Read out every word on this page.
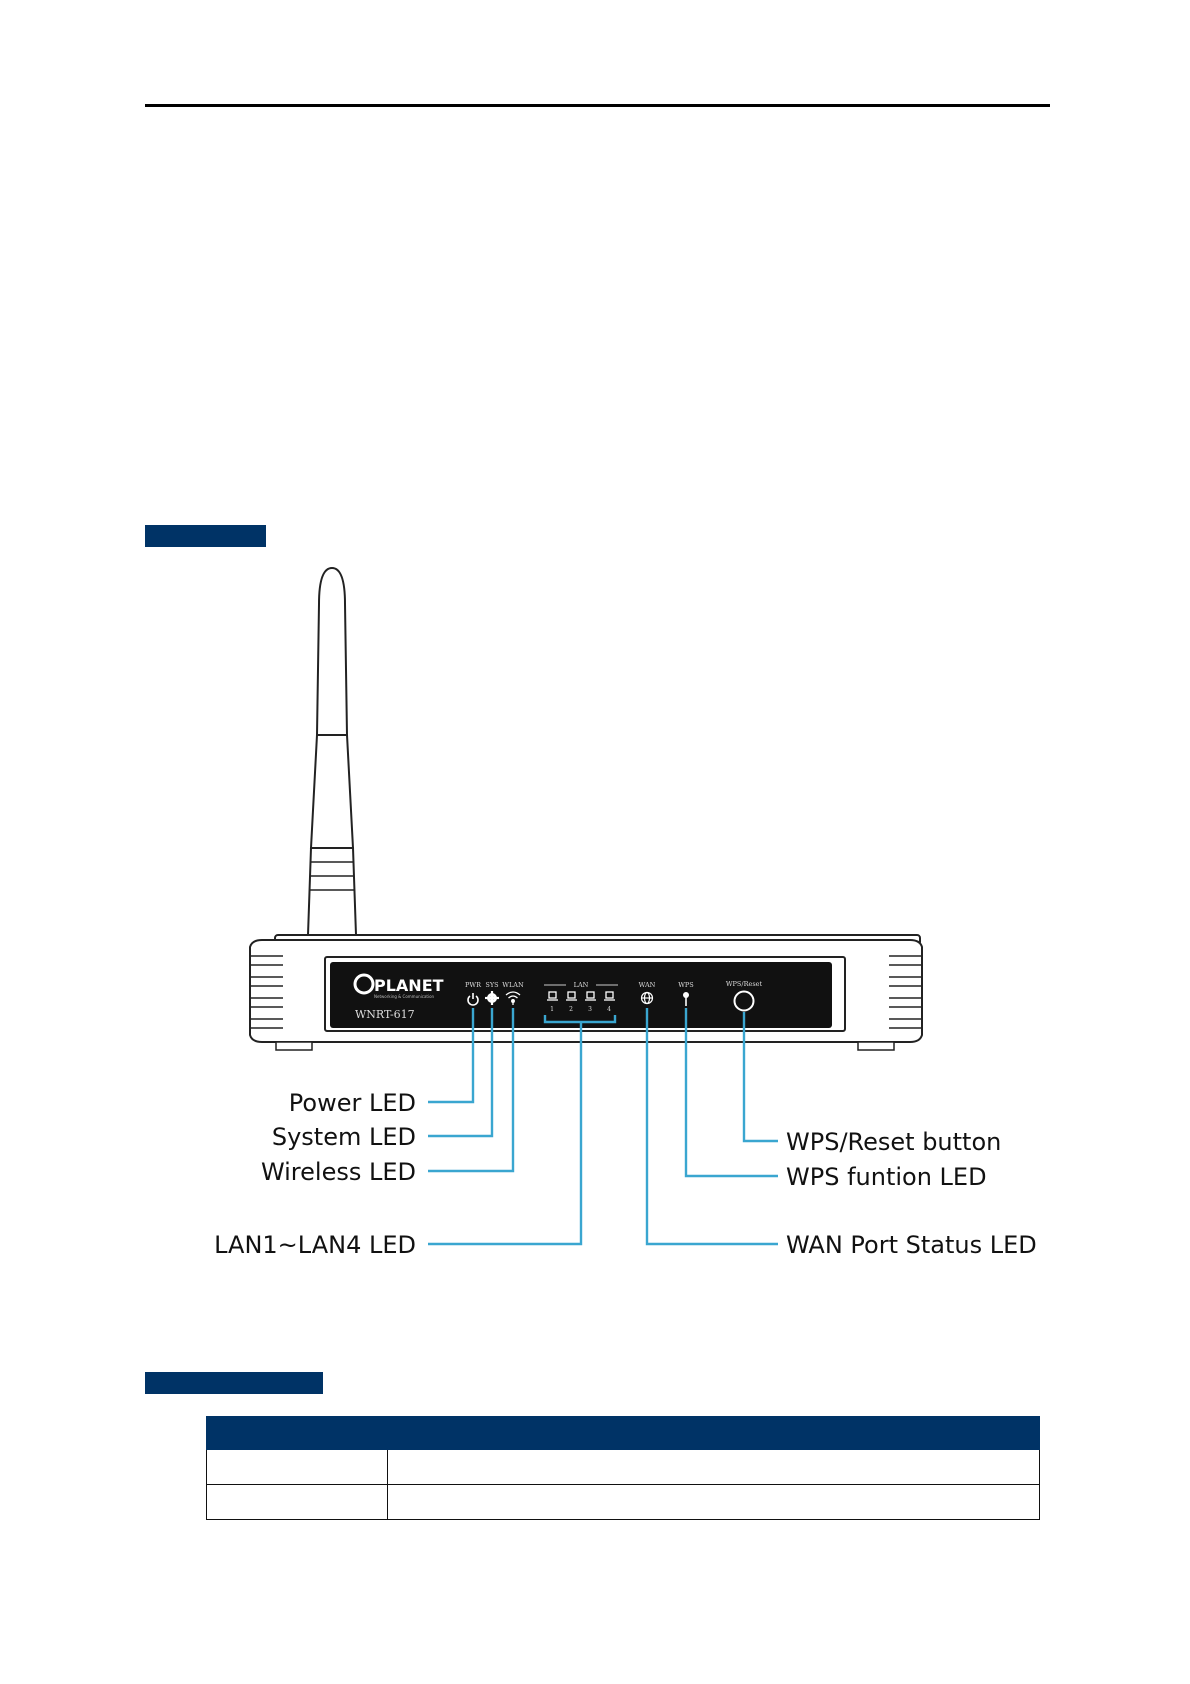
PLANET
Networking & Communication
WNRT-617
PWR SYS WLAN	LAN	WAN	WPS	WPS/Reset
1	2	3	4
Power LED
System LED
Wireless LED
LAN1~LAN4 LED
WPS/Reset button
WPS funtion LED
WAN Port Status LED
